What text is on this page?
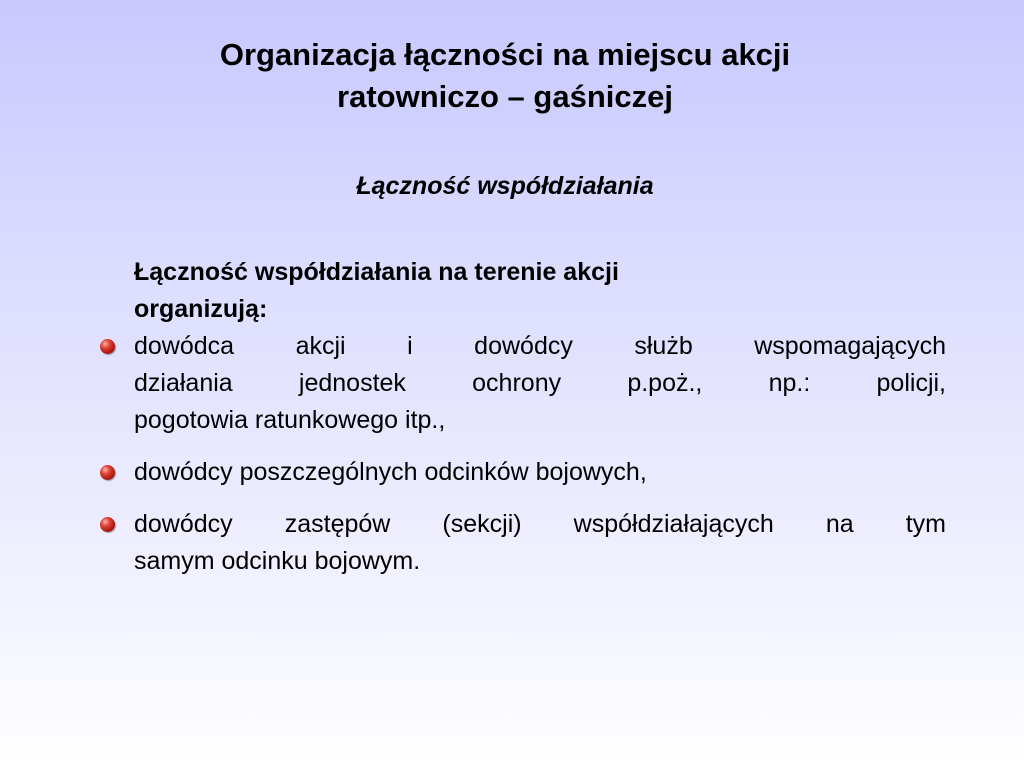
Organizacja łączności na miejscu akcji
ratowniczo – gaśniczej
Łączność współdziałania

Łączność współdziałania na terenie akcji
organizują:

dowódca akcji i dowódcy służb wspomagających
działania jednostek ochrony p.poż., np.: policji,
pogotowia ratunkowego itp.,
dowódcy poszczególnych odcinków bojowych,
dowódcy zastępów (sekcji) współdziałających na tym
samym odcinku bojowym.
